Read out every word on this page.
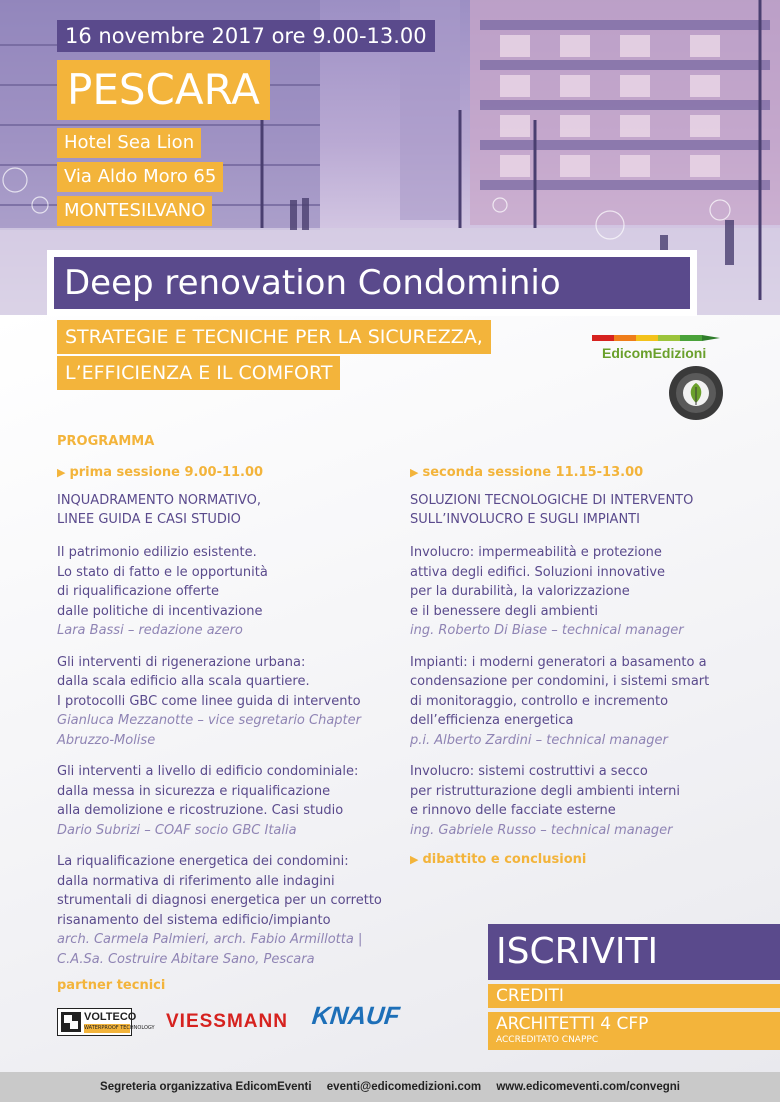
16 novembre 2017 ore 9.00-13.00
PESCARA
Hotel Sea Lion
Via Aldo Moro 65
MONTESILVANO
Deep renovation Condominio
STRATEGIE E TECNICHE PER LA SICUREZZA,
L’EFFICIENZA E IL COMFORT
EdicomEdizioni
PROGRAMMA
▶ prima sessione 9.00-11.00
INQUADRAMENTO NORMATIVO,
LINEE GUIDA E CASI STUDIO
Il patrimonio edilizio esistente.
Lo stato di fatto e le opportunità
di riqualificazione offerte
dalle politiche di incentivazione
Lara Bassi – redazione azero
Gli interventi di rigenerazione urbana:
dalla scala edificio alla scala quartiere.
I protocolli GBC come linee guida di intervento
Gianluca Mezzanotte – vice segretario Chapter
Abruzzo-Molise
Gli interventi a livello di edificio condominiale:
dalla messa in sicurezza e riqualificazione
alla demolizione e ricostruzione. Casi studio
Dario Subrizi – COAF socio GBC Italia
La riqualificazione energetica dei condomini:
dalla normativa di riferimento alle indagini
strumentali di diagnosi energetica per un corretto
risanamento del sistema edificio/impianto
arch. Carmela Palmieri, arch. Fabio Armillotta |
C.A.Sa. Costruire Abitare Sano, Pescara
▶ seconda sessione 11.15-13.00
SOLUZIONI TECNOLOGICHE DI INTERVENTO
SULL’INVOLUCRO E SUGLI IMPIANTI
Involucro: impermeabilità e protezione
attiva degli edifici. Soluzioni innovative
per la durabilità, la valorizzazione
e il benessere degli ambienti
ing. Roberto Di Biase – technical manager
Impianti: i moderni generatori a basamento a
condensazione per condomini, i sistemi smart
di monitoraggio, controllo e incremento
dell’efficienza energetica
p.i. Alberto Zardini – technical manager
Involucro: sistemi costruttivi a secco
per ristrutturazione degli ambienti interni
e rinnovo delle facciate esterne
ing. Gabriele Russo – technical manager
▶ dibattito e conclusioni
partner tecnici
VOLTECO
WATERPROOF TECHNOLOGY VIESSMANN KNAUF
ISCRIVITI
CREDITI
ARCHITETTI 4 CFP
ACCREDITATO CNAPPC
Segreteria organizzativa EdicomEventi eventi@edicomedizioni.com www.edicomeventi.com/convegni
